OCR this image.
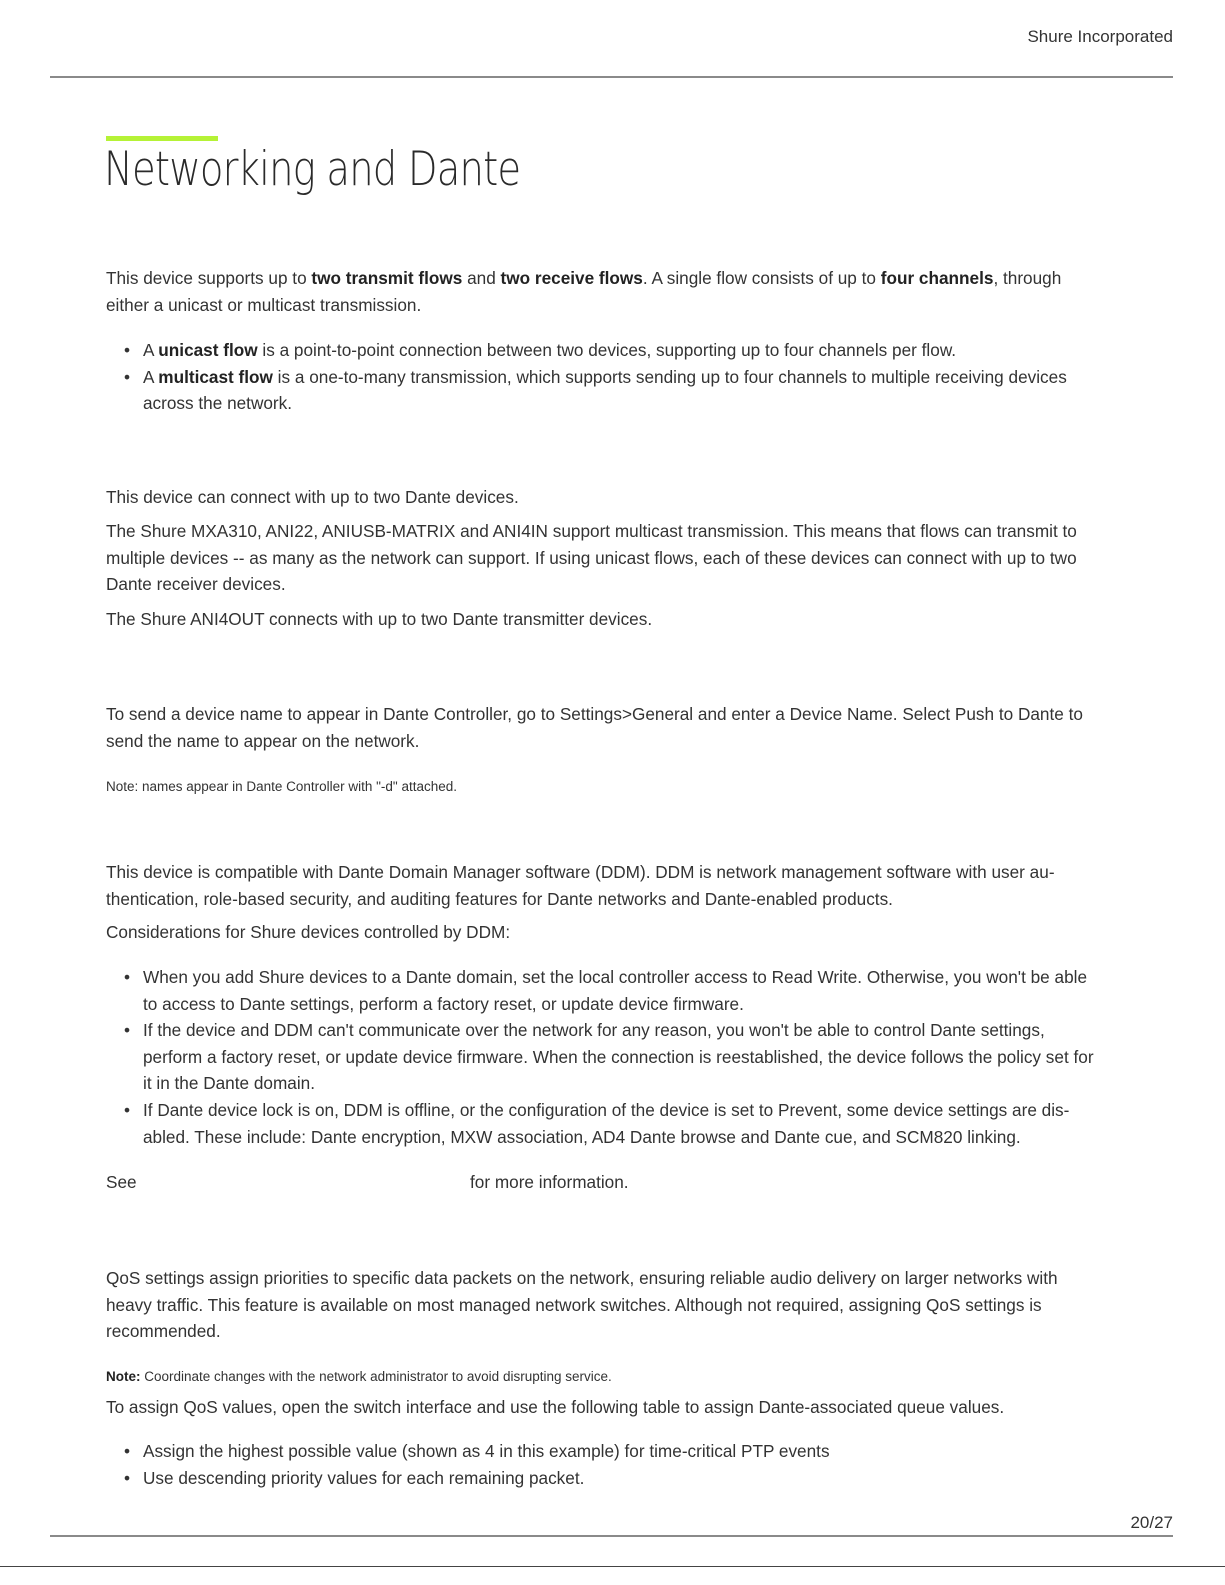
Shure Incorporated
Networking and Dante

This device supports up to two transmit flows and two receive flows. A single flow consists of up to four channels, through either a unicast or multicast transmission.

• A unicast flow is a point-to-point connection between two devices, supporting up to four channels per flow.
• A multicast flow is a one-to-many transmission, which supports sending up to four channels to multiple receiving devices across the network.

This device can connect with up to two Dante devices.

The Shure MXA310, ANI22, ANIUSB-MATRIX and ANI4IN support multicast transmission. This means that flows can transmit to multiple devices -- as many as the network can support. If using unicast flows, each of these devices can connect with up to two Dante receiver devices.

The Shure ANI4OUT connects with up to two Dante transmitter devices.

To send a device name to appear in Dante Controller, go to Settings>General and enter a Device Name. Select Push to Dante to send the name to appear on the network.

Note: names appear in Dante Controller with "-d" attached.

This device is compatible with Dante Domain Manager software (DDM). DDM is network management software with user authentication, role-based security, and auditing features for Dante networks and Dante-enabled products.

Considerations for Shure devices controlled by DDM:

• When you add Shure devices to a Dante domain, set the local controller access to Read Write. Otherwise, you won't be able to access to Dante settings, perform a factory reset, or update device firmware.
• If the device and DDM can't communicate over the network for any reason, you won't be able to control Dante settings, perform a factory reset, or update device firmware. When the connection is reestablished, the device follows the policy set for it in the Dante domain.
• If Dante device lock is on, DDM is offline, or the configuration of the device is set to Prevent, some device settings are disabled. These include: Dante encryption, MXW association, AD4 Dante browse and Dante cue, and SCM820 linking.

See	for more information.

QoS settings assign priorities to specific data packets on the network, ensuring reliable audio delivery on larger networks with heavy traffic. This feature is available on most managed network switches. Although not required, assigning QoS settings is recommended.

Note: Coordinate changes with the network administrator to avoid disrupting service.

To assign QoS values, open the switch interface and use the following table to assign Dante-associated queue values.

• Assign the highest possible value (shown as 4 in this example) for time-critical PTP events
• Use descending priority values for each remaining packet.
20/27
